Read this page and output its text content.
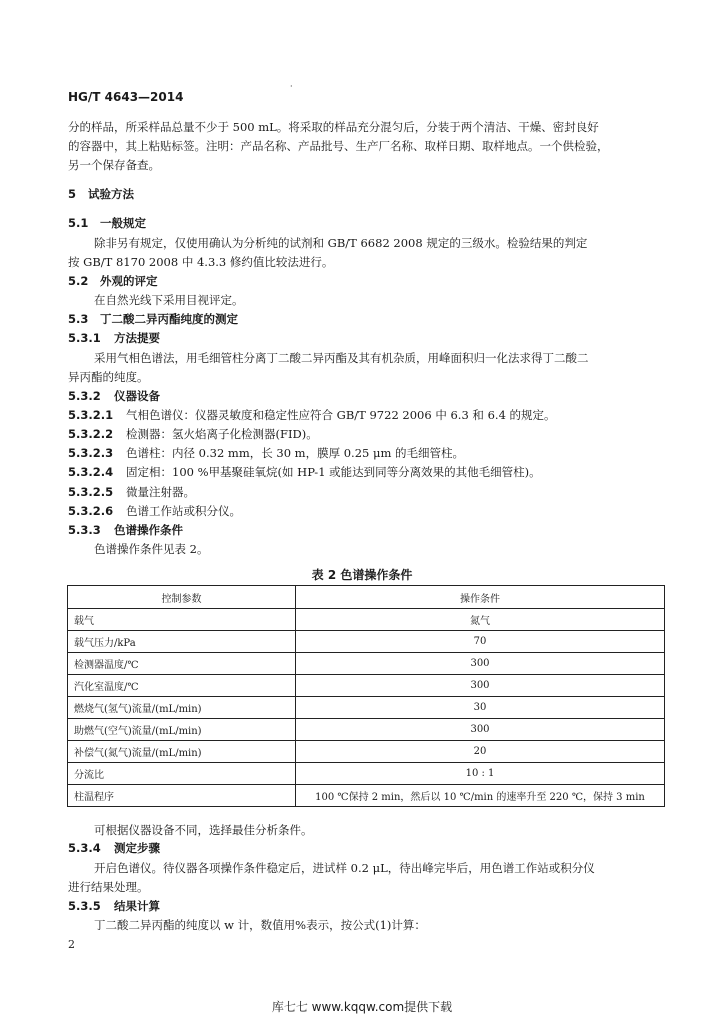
·
HG/T 4643—2014
分的样品，所采样品总量不少于 500 mL。将采取的样品充分混匀后，分装于两个清洁、干燥、密封良好
的容器中，其上粘贴标签。注明：产品名称、产品批号、生产厂名称、取样日期、取样地点。一个供检验，
另一个保存备查。
5 试验方法
5.1 一般规定
除非另有规定，仅使用确认为分析纯的试剂和 GB/T 6682 2008 规定的三级水。检验结果的判定
按 GB/T 8170 2008 中 4.3.3 修约值比较法进行。
5.2 外观的评定
在自然光线下采用目视评定。
5.3 丁二酸二异丙酯纯度的测定
5.3.1 方法提要
采用气相色谱法，用毛细管柱分离丁二酸二异丙酯及其有机杂质，用峰面积归一化法求得丁二酸二
异丙酯的纯度。
5.3.2 仪器设备
5.3.2.1 气相色谱仪：仪器灵敏度和稳定性应符合 GB/T 9722 2006 中 6.3 和 6.4 的规定。
5.3.2.2 检测器：氢火焰离子化检测器(FID)。
5.3.2.3 色谱柱：内径 0.32 mm，长 30 m，膜厚 0.25 μm 的毛细管柱。
5.3.2.4 固定相：100 %甲基聚硅氧烷(如 HP-1 或能达到同等分离效果的其他毛细管柱)。
5.3.2.5 微量注射器。
5.3.2.6 色谱工作站或积分仪。
5.3.3 色谱操作条件
色谱操作条件见表 2。
表 2 色谱操作条件
控制参数	操作条件
载气	氮气
载气压力/kPa	70
检测器温度/℃	300
汽化室温度/℃	300
燃烧气(氢气)流量/(mL/min)	30
助燃气(空气)流量/(mL/min)	300
补偿气(氮气)流量/(mL/min)	20
分流比	10 : 1
柱温程序	100 ℃保持 2 min，然后以 10 ℃/min 的速率升至 220 ℃，保持 3 min
可根据仪器设备不同，选择最佳分析条件。
5.3.4 测定步骤
开启色谱仪。待仪器各项操作条件稳定后，进试样 0.2 μL，待出峰完毕后，用色谱工作站或积分仪
进行结果处理。
5.3.5 结果计算
丁二酸二异丙酯的纯度以 w 计，数值用%表示，按公式(1)计算：
2
库七七 www.kqqw.com提供下载
